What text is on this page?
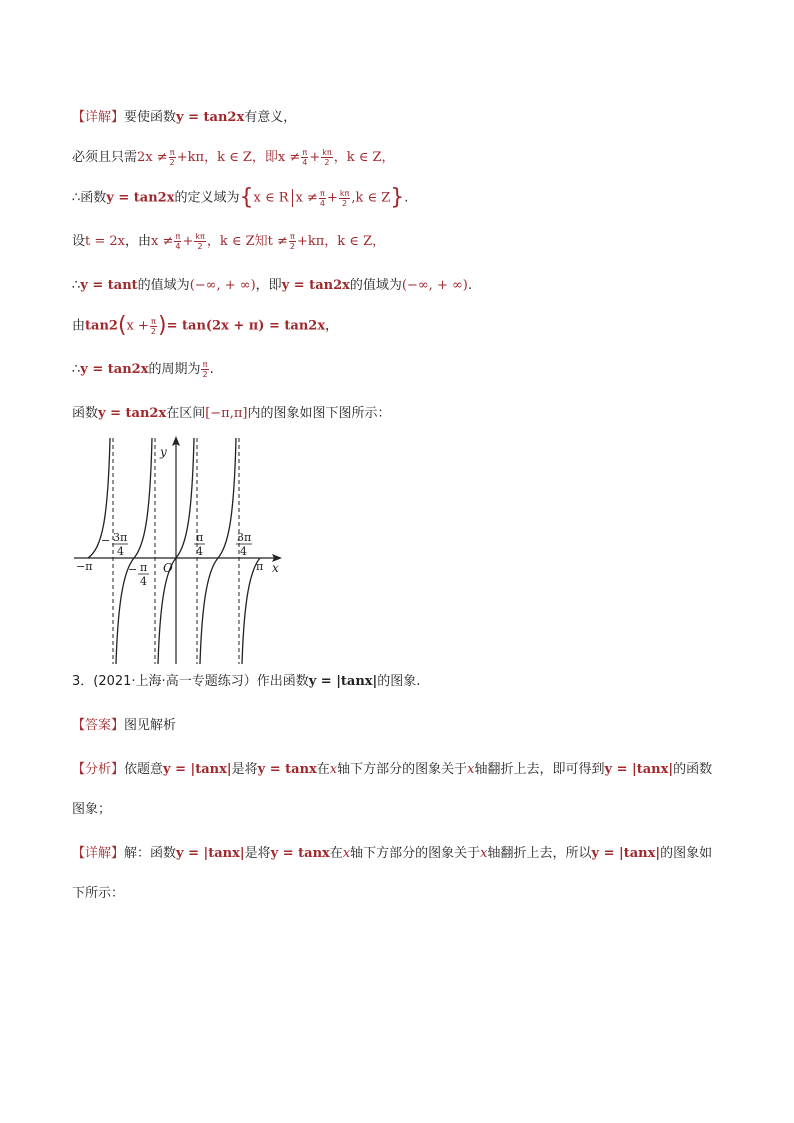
【详解】要使函数y = tan2x有意义，
必须且只需$2x \ne \frac{\pi}{2} +k\pi$，k ∈ Z，即$x \ne \frac{\pi}{4} + \frac{k\pi}{2}$ ，k ∈ Z，
∴函数y = tan2x的定义域为{x ∈ R $x \ne \frac{\pi}{4} + \frac{k\pi}{2} ,k$ ∈ Z}.
设t = 2x，由$x \ne \frac{\pi}{4} + \frac{k\pi}{2}$ ，k ∈ Z知$t \ne \frac{\pi}{2} +k\pi$，k ∈ Z，
∴y = tant的值域为(−∞, + ∞)，即y = tan2x的值域为(−∞, + ∞).
由$\tan 2(x + \frac{\pi}{2}$ )= tan(2x + π) = tan2x，
∴y = tan2x的周期为 $\frac{\pi}{2}$ .
函数y = tan2x在区间[−π,π]内的图象如图下图所示：
y
x
O
−π	π
− 3π
4
− π
4
π
4
3π
4
3．(2021·上海·高一专题练习）作出函数y = |tanx|的图象.
【答案】图见解析
【分析】依题意y = |tanx|是将y = tanx在x轴下方部分的图象关于x轴翻折上去，即可得到y = |tanx|的函数
图象；
【详解】解：函数y = |tanx|是将y = tanx在x轴下方部分的图象关于x轴翻折上去，所以y = |tanx|的图象如
下所示：
